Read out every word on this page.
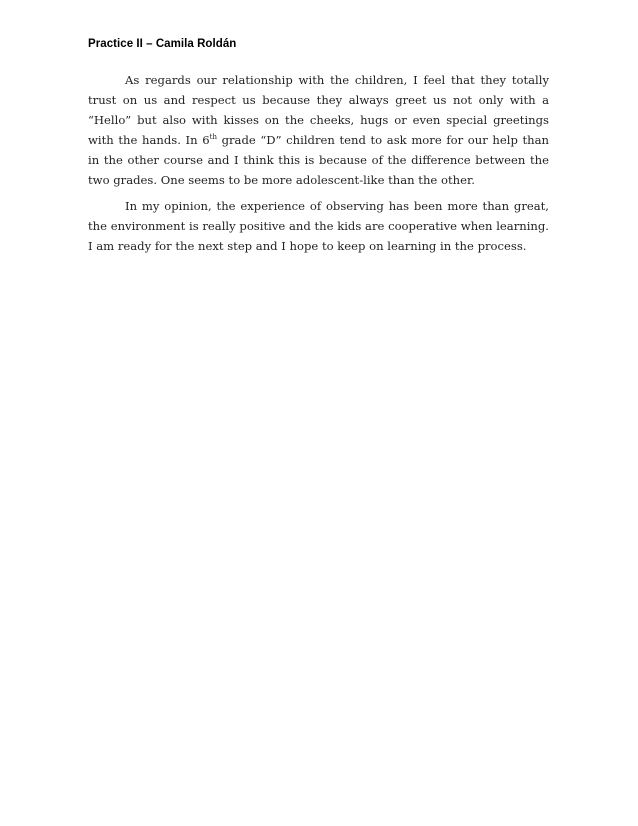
Practice II – Camila Roldán

As regards our relationship with the children, I feel that they totally trust on us and respect us because they always greet us not only with a “Hello” but also with kisses on the cheeks, hugs or even special greetings with the hands. In 6th grade “D” children tend to ask more for our help than in the other course and I think this is because of the difference between the two grades. One seems to be more adolescent-like than the other.

In my opinion, the experience of observing has been more than great, the environment is really positive and the kids are cooperative when learning. I am ready for the next step and I hope to keep on learning in the process.
